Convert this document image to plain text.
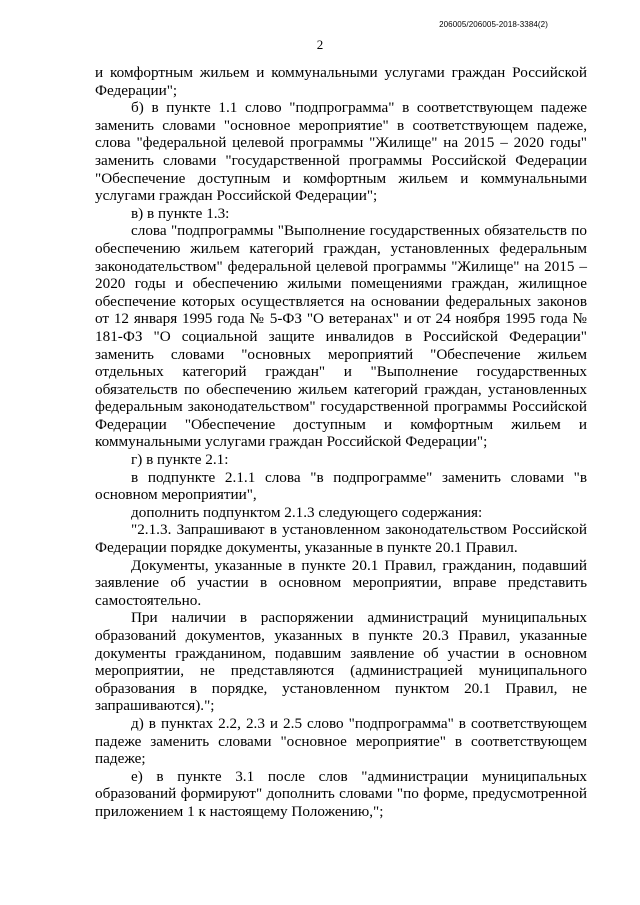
206005/206005-2018-3384(2)
2

и комфортным жильем и коммунальными услугами граждан Российской Федерации";

б) в пункте 1.1 слово "подпрограмма" в соответствующем падеже заменить словами "основное мероприятие" в соответствующем падеже, слова "федеральной целевой программы "Жилище" на 2015 – 2020 годы" заменить словами "государственной программы Российской Федерации "Обеспечение доступным и комфортным жильем и коммунальными услугами граждан Российской Федерации";

в) в пункте 1.3:

слова "подпрограммы "Выполнение государственных обязательств по обеспечению жильем категорий граждан, установленных федеральным законодательством" федеральной целевой программы "Жилище" на 2015 – 2020 годы и обеспечению жилыми помещениями граждан, жилищное обеспечение которых осуществляется на основании федеральных законов от 12 января 1995 года № 5-ФЗ "О ветеранах" и от 24 ноября 1995 года № 181-ФЗ "О социальной защите инвалидов в Российской Федерации" заменить словами "основных мероприятий "Обеспечение жильем отдельных категорий граждан" и "Выполнение государственных обязательств по обеспечению жильем категорий граждан, установленных федеральным законодательством" государственной программы Российской Федерации "Обеспечение доступным и комфортным жильем и коммунальными услугами граждан Российской Федерации";

г) в пункте 2.1:

в подпункте 2.1.1 слова "в подпрограмме" заменить словами "в основном мероприятии",

дополнить подпунктом 2.1.3 следующего содержания:

"2.1.3. Запрашивают в установленном законодательством Российской Федерации порядке документы, указанные в пункте 20.1 Правил.

Документы, указанные в пункте 20.1 Правил, гражданин, подавший заявление об участии в основном мероприятии, вправе представить самостоятельно.

При наличии в распоряжении администраций муниципальных образований документов, указанных в пункте 20.3 Правил, указанные документы гражданином, подавшим заявление об участии в основном мероприятии, не представляются (администрацией муниципального образования в порядке, установленном пунктом 20.1 Правил, не запрашиваются).";

д) в пунктах 2.2, 2.3 и 2.5 слово "подпрограмма" в соответствующем падеже заменить словами "основное мероприятие" в соответствующем падеже;

е) в пункте 3.1 после слов "администрации муниципальных образований формируют" дополнить словами "по форме, предусмотренной приложением 1 к настоящему Положению,";
